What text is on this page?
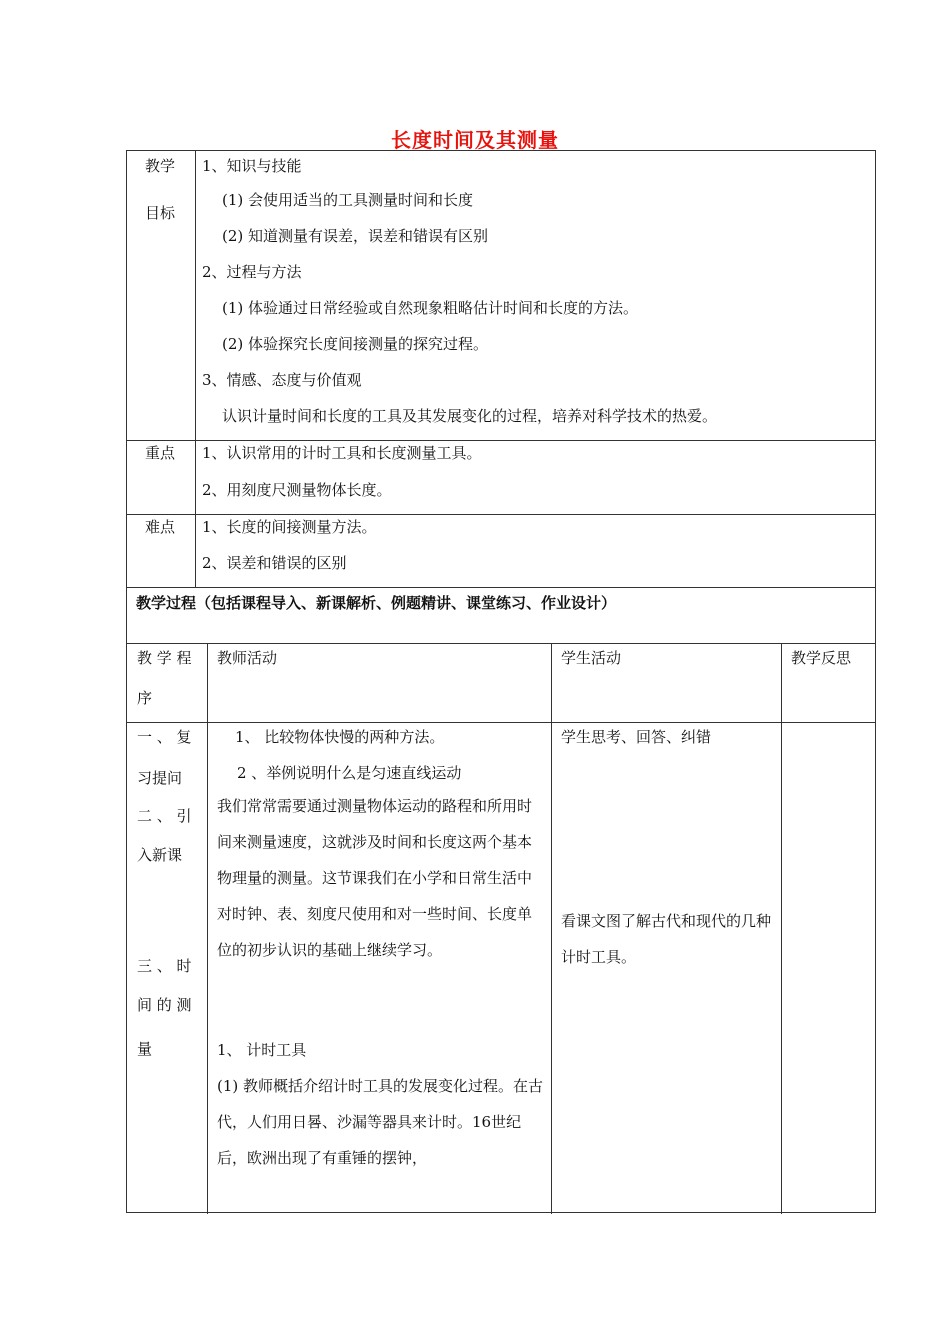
长度时间及其测量
教学
目标
1、知识与技能
(1) 会使用适当的工具测量时间和长度
(2) 知道测量有误差，误差和错误有区别
2、过程与方法
(1) 体验通过日常经验或自然现象粗略估计时间和长度的方法。
(2) 体验探究长度间接测量的探究过程。
3、情感、态度与价值观
认识计量时间和长度的工具及其发展变化的过程，培养对科学技术的热爱。
重点 1、认识常用的计时工具和长度测量工具。
2、用刻度尺测量物体长度。
难点 1、长度的间接测量方法。
2、误差和错误的区别
教学过程（包括课程导入、新课解析、例题精讲、课堂练习、作业设计）
教 学 程
序
教师活动	学生活动	教学反思
一 、 复
习提问
二 、 引
入新课
三 、 时
间 的 测
量
1、 比较物体快慢的两种方法。
2 、举例说明什么是匀速直线运动
我们常常需要通过测量物体运动的路程和所用时间来测量速度，这就涉及时间和长度这两个基本物理量的测量。这节课我们在小学和日常生活中对时钟、表、刻度尺使用和对一些时间、长度单位的初步认识的基础上继续学习。
1、 计时工具
(1) 教师概括介绍计时工具的发展变化过程。在古代，人们用日晷、沙漏等器具来计时。16世纪后，欧洲出现了有重锤的摆钟，
学生思考、回答、纠错
看课文图了解古代和现代的几种计时工具。
